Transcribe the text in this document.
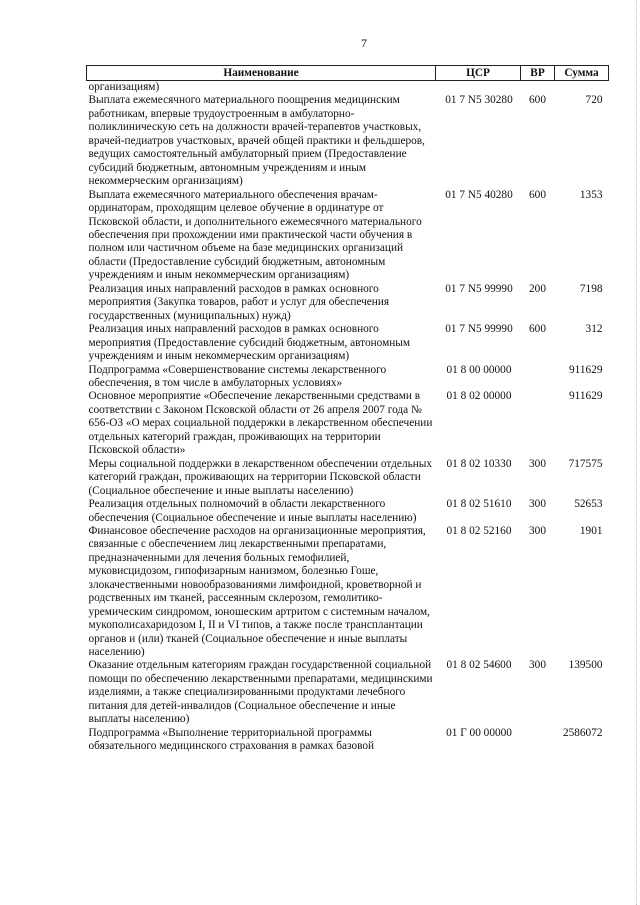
7
Наименование	ЦСР	ВР	Сумма
организациям)			
Выплата ежемесячного материального поощрения медицинским работникам, впервые трудоустроенным в амбулаторно-поликлиническую сеть на должности врачей-терапевтов участковых, врачей-педиатров участковых, врачей общей практики и фельдшеров, ведущих самостоятельный амбулаторный прием (Предоставление субсидий бюджетным, автономным учреждениям и иным некоммерческим организациям)	01 7 N5 30280	600	720
Выплата ежемесячного материального обеспечения врачам-ординаторам, проходящим целевое обучение в ординатуре от Псковской области, и дополнительного ежемесячного материального обеспечения при прохождении ими практической части обучения в полном или частичном объеме на базе медицинских организаций области (Предоставление субсидий бюджетным, автономным учреждениям и иным некоммерческим организациям)	01 7 N5 40280	600	1353
Реализация иных направлений расходов в рамках основного мероприятия (Закупка товаров, работ и услуг для обеспечения государственных (муниципальных) нужд)	01 7 N5 99990	200	7198
Реализация иных направлений расходов в рамках основного мероприятия (Предоставление субсидий бюджетным, автономным учреждениям и иным некоммерческим организациям)	01 7 N5 99990	600	312
Подпрограмма «Совершенствование системы лекарственного обеспечения, в том числе в амбулаторных условиях»	01 8 00 00000		911629
Основное мероприятие «Обеспечение лекарственными средствами в соответствии с Законом Псковской области от 26 апреля 2007 года № 656-ОЗ «О мерах социальной поддержки в лекарственном обеспечении отдельных категорий граждан, проживающих на территории Псковской области»	01 8 02 00000		911629
Меры социальной поддержки в лекарственном обеспечении отдельных категорий граждан, проживающих на территории Псковской области (Социальное обеспечение и иные выплаты населению)	01 8 02 10330	300	717575
Реализация отдельных полномочий в области лекарственного обеспечения (Социальное обеспечение и иные выплаты населению)	01 8 02 51610	300	52653
Финансовое обеспечение расходов на организационные мероприятия, связанные с обеспечением лиц лекарственными препаратами, предназначенными для лечения больных гемофилией, муковисцидозом, гипофизарным нанизмом, болезнью Гоше, злокачественными новообразованиями лимфоидной, кроветворной и родственных им тканей, рассеянным склерозом, гемолитико-уремическим синдромом, юношеским артритом с системным началом, мукополисахаридозом I, II и VI типов, а также после трансплантации органов и (или) тканей (Социальное обеспечение и иные выплаты населению)	01 8 02 52160	300	1901
Оказание отдельным категориям граждан государственной социальной помощи по обеспечению лекарственными препаратами, медицинскими изделиями, а также специализированными продуктами лечебного питания для детей-инвалидов (Социальное обеспечение и иные выплаты населению)	01 8 02 54600	300	139500
Подпрограмма «Выполнение территориальной программы обязательного медицинского страхования в рамках базовой	01 Г 00 00000		2586072
